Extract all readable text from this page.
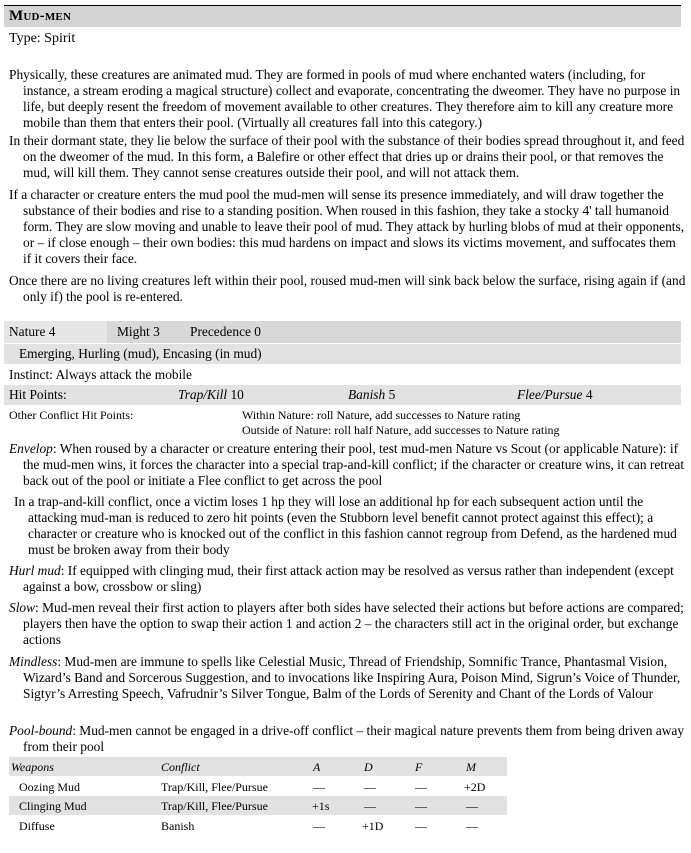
Mud-men
Type: Spirit
Physically, these creatures are animated mud. They are formed in pools of mud where enchanted waters (including, for instance, a stream eroding a magical structure) collect and evaporate, concentrating the dweomer. They have no purpose in life, but deeply resent the freedom of movement available to other creatures. They therefore aim to kill any creature more mobile than them that enters their pool. (Virtually all creatures fall into this category.)
In their dormant state, they lie below the surface of their pool with the substance of their bodies spread throughout it, and feed on the dweomer of the mud. In this form, a Balefire or other effect that dries up or drains their pool, or that removes the mud, will kill them. They cannot sense creatures outside their pool, and will not attack them.
If a character or creature enters the mud pool the mud-men will sense its presence immediately, and will draw together the substance of their bodies and rise to a standing position. When roused in this fashion, they take a stocky 4' tall humanoid form. They are slow moving and unable to leave their pool of mud. They attack by hurling blobs of mud at their opponents, or – if close enough – their own bodies: this mud hardens on impact and slows its victims movement, and suffocates them if it covers their face.
Once there are no living creatures left within their pool, roused mud-men will sink back below the surface, rising again if (and only if) the pool is re-entered.
Nature 4	Might 3 Precedence 0
Emerging, Hurling (mud), Encasing (in mud)
Instinct: Always attack the mobile
Hit Points:	Trap/Kill 10	Banish 5	Flee/Pursue 4
Other Conflict Hit Points:	Within Nature: roll Nature, add successes to Nature rating
Outside of Nature: roll half Nature, add successes to Nature rating
Envelop: When roused by a character or creature entering their pool, test mud-men Nature vs Scout (or applicable Nature): if the mud-men wins, it forces the character into a special trap-and-kill conflict; if the character or creature wins, it can retreat back out of the pool or initiate a Flee conflict to get across the pool
In a trap-and-kill conflict, once a victim loses 1 hp they will lose an additional hp for each subsequent action until the attacking mud-man is reduced to zero hit points (even the Stubborn level benefit cannot protect against this effect); a character or creature who is knocked out of the conflict in this fashion cannot regroup from Defend, as the hardened mud must be broken away from their body
Hurl mud: If equipped with clinging mud, their first attack action may be resolved as versus rather than independent (except against a bow, crossbow or sling)
Slow: Mud-men reveal their first action to players after both sides have selected their actions but before actions are compared; players then have the option to swap their action 1 and action 2 – the characters still act in the original order, but exchange actions
Mindless: Mud-men are immune to spells like Celestial Music, Thread of Friendship, Somnific Trance, Phantasmal Vision, Wizard’s Band and Sorcerous Suggestion, and to invocations like Inspiring Aura, Poison Mind, Sigrun’s Voice of Thunder, Sigtyr’s Arresting Speech, Vafrudnir’s Silver Tongue, Balm of the Lords of Serenity and Chant of the Lords of Valour
Pool-bound: Mud-men cannot be engaged in a drive-off conflict – their magical nature prevents them from being driven away from their pool
Weapons	Conflict	A	D	F	M
Oozing Mud	Trap/Kill, Flee/Pursue	—	—	—	+2D
Clinging Mud	Trap/Kill, Flee/Pursue	+1s	—	—	—
Diffuse	Banish	—	+1D	—	—
